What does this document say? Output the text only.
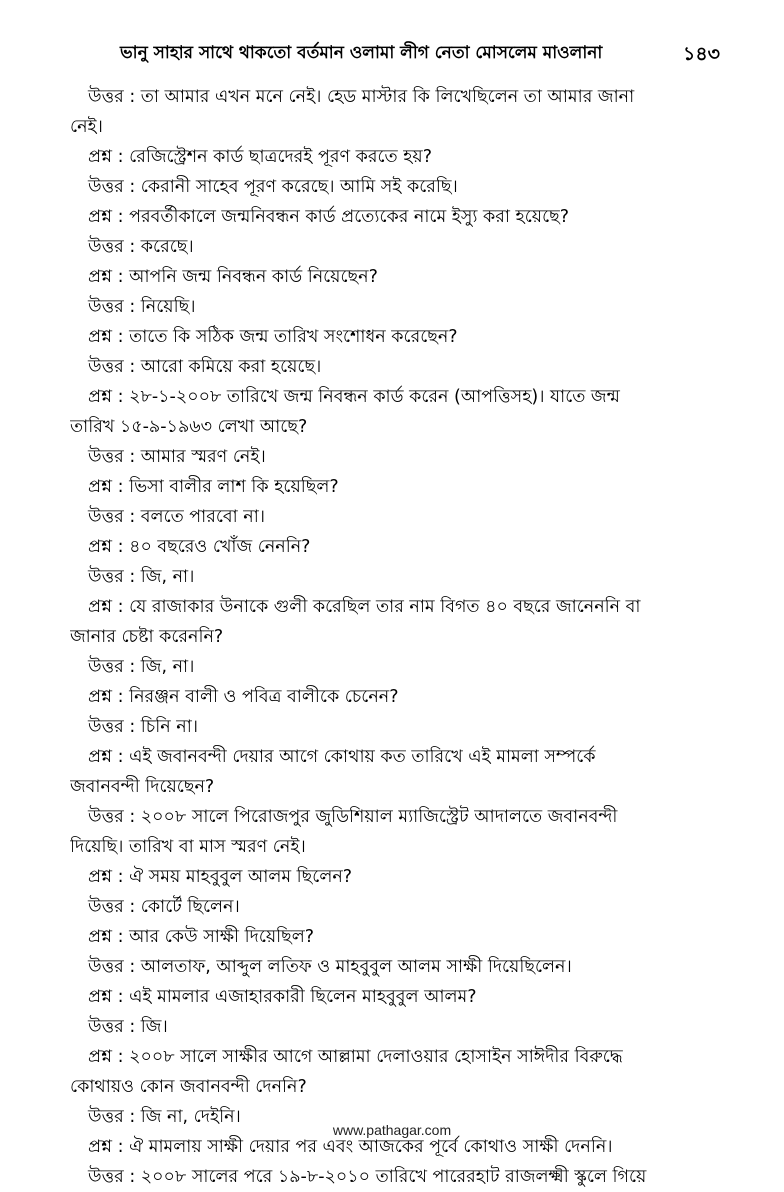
ভানু সাহার সাথে থাকতো বর্তমান ওলামা লীগ নেতা মোসলেম মাওলানা	১৪৩
উত্তর : তা আমার এখন মনে নেই। হেড মাস্টার কি লিখেছিলেন তা আমার জানা
নেই।
প্রশ্ন : রেজিস্ট্রেশন কার্ড ছাত্রদেরই পূরণ করতে হয়?
উত্তর : কেরানী সাহেব পূরণ করেছে। আমি সই করেছি।
প্রশ্ন : পরবর্তীকালে জন্মনিবন্ধন কার্ড প্রত্যেকের নামে ইস্যু করা হয়েছে?
উত্তর : করেছে।
প্রশ্ন : আপনি জন্ম নিবন্ধন কার্ড নিয়েছেন?
উত্তর : নিয়েছি।
প্রশ্ন : তাতে কি সঠিক জন্ম তারিখ সংশোধন করেছেন?
উত্তর : আরো কমিয়ে করা হয়েছে।
প্রশ্ন : ২৮-১-২০০৮ তারিখে জন্ম নিবন্ধন কার্ড করেন (আপত্তিসহ)। যাতে জন্ম
তারিখ ১৫-৯-১৯৬৩ লেখা আছে?
উত্তর : আমার স্মরণ নেই।
প্রশ্ন : ভিসা বালীর লাশ কি হয়েছিল?
উত্তর : বলতে পারবো না।
প্রশ্ন : ৪০ বছরেও খোঁজ নেননি?
উত্তর : জি, না।
প্রশ্ন : যে রাজাকার উনাকে গুলী করেছিল তার নাম বিগত ৪০ বছরে জানেননি বা
জানার চেষ্টা করেননি?
উত্তর : জি, না।
প্রশ্ন : নিরঞ্জন বালী ও পবিত্র বালীকে চেনেন?
উত্তর : চিনি না।
প্রশ্ন : এই জবানবন্দী দেয়ার আগে কোথায় কত তারিখে এই মামলা সম্পর্কে
জবানবন্দী দিয়েছেন?
উত্তর : ২০০৮ সালে পিরোজপুর জুডিশিয়াল ম্যাজিস্ট্রেট আদালতে জবানবন্দী
দিয়েছি। তারিখ বা মাস স্মরণ নেই।
প্রশ্ন : ঐ সময় মাহবুবুল আলম ছিলেন?
উত্তর : কোর্টে ছিলেন।
প্রশ্ন : আর কেউ সাক্ষী দিয়েছিল?
উত্তর : আলতাফ, আব্দুল লতিফ ও মাহবুবুল আলম সাক্ষী দিয়েছিলেন।
প্রশ্ন : এই মামলার এজাহারকারী ছিলেন মাহবুবুল আলম?
উত্তর : জি।
প্রশ্ন : ২০০৮ সালে সাক্ষীর আগে আল্লামা দেলাওয়ার হোসাইন সাঈদীর বিরুদ্ধে
কোথায়ও কোন জবানবন্দী দেননি?
উত্তর : জি না, দেইনি।
প্রশ্ন : ঐ মামলায় সাক্ষী দেয়ার পর এবং আজকের পূর্বে কোথাও সাক্ষী দেননি।
উত্তর : ২০০৮ সালের পরে ১৯-৮-২০১০ তারিখে পারেরহাট রাজলক্ষ্মী স্কুলে গিয়ে
www.pathagar.com
